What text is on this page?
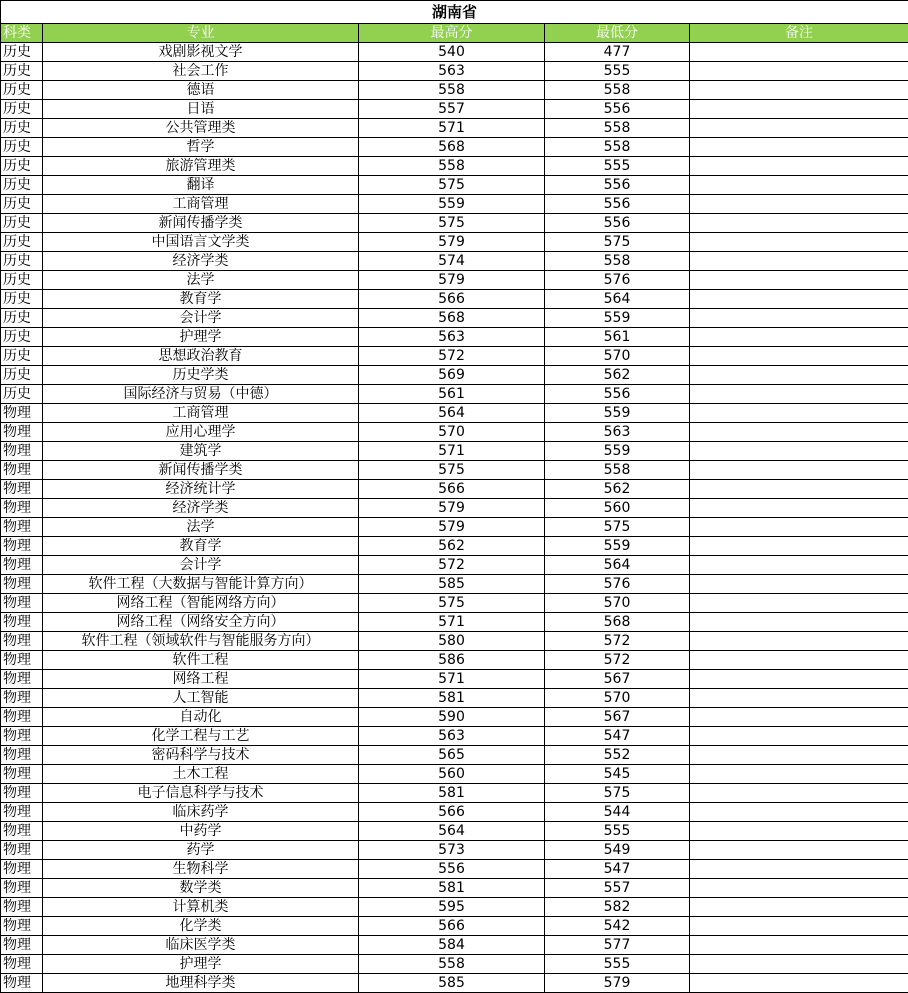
湖南省				
科类	专业	最高分	最低分	备注
历史	戏剧影视文学	540	477	
历史	社会工作	563	555	
历史	德语	558	558	
历史	日语	557	556	
历史	公共管理类	571	558	
历史	哲学	568	558	
历史	旅游管理类	558	555	
历史	翻译	575	556	
历史	工商管理	559	556	
历史	新闻传播学类	575	556	
历史	中国语言文学类	579	575	
历史	经济学类	574	558	
历史	法学	579	576	
历史	教育学	566	564	
历史	会计学	568	559	
历史	护理学	563	561	
历史	思想政治教育	572	570	
历史	历史学类	569	562	
历史	国际经济与贸易（中德）	561	556	
物理	工商管理	564	559	
物理	应用心理学	570	563	
物理	建筑学	571	559	
物理	新闻传播学类	575	558	
物理	经济统计学	566	562	
物理	经济学类	579	560	
物理	法学	579	575	
物理	教育学	562	559	
物理	会计学	572	564	
物理	软件工程（大数据与智能计算方向）	585	576	
物理	网络工程（智能网络方向）	575	570	
物理	网络工程（网络安全方向）	571	568	
物理	软件工程（领域软件与智能服务方向）	580	572	
物理	软件工程	586	572	
物理	网络工程	571	567	
物理	人工智能	581	570	
物理	自动化	590	567	
物理	化学工程与工艺	563	547	
物理	密码科学与技术	565	552	
物理	土木工程	560	545	
物理	电子信息科学与技术	581	575	
物理	临床药学	566	544	
物理	中药学	564	555	
物理	药学	573	549	
物理	生物科学	556	547	
物理	数学类	581	557	
物理	计算机类	595	582	
物理	化学类	566	542	
物理	临床医学类	584	577	
物理	护理学	558	555	
物理	地理科学类	585	579	
